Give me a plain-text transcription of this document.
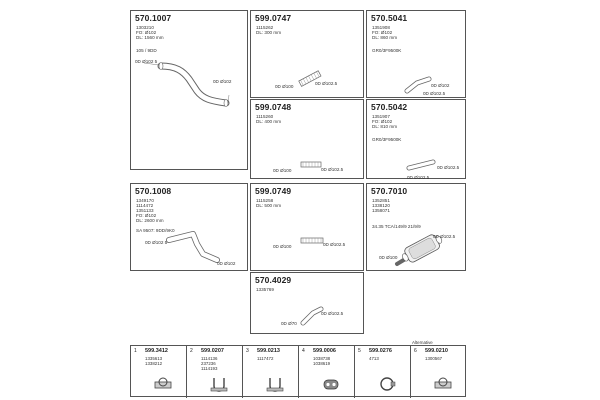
570.1007
1303210
FO: Ø102
DL: 1560 mm
105 / 9DD
0D Ø102 5
0D Ø102
599.0747
1115262
DL: 300 mm
0D Ø100
0D Ø102.5
570.5041
1351908
FO: Ø102
DL: 860 mm
GR0/3F9500K
0D Ø102
0D Ø102.5
599.0748
1115260
DL: 400 mm
0D Ø100	0D Ø102.5
570.5042
1351907
FO: Ø102
DL: 810 mm
GR0/3F9500K
0D Ø102.5
0D Ø102.5
570.1008
1349170
1114472
1351133
FO: Ø102
DL: 2600 mm
SA 9507: 9DD/9K0
0D Ø102 5
0D Ø102
599.0749
1115258
DL: 500 mm
0D Ø100	0D Ø102.5
570.7010
1352851
1338120
1358071
34.35 TCA/149/9 21/9/9
0D Ø102.5
0D Ø100
570.4029
1335769
0D Ø102.5
0D Ø70
Alternative
1 599.3412
1335613
1338212
2 599.0207
1114136
237236
1114193
3 599.0213
1117472
4 599.0006
1038738
1038619
5 599.0276
4713
6 599.0210
1300567
